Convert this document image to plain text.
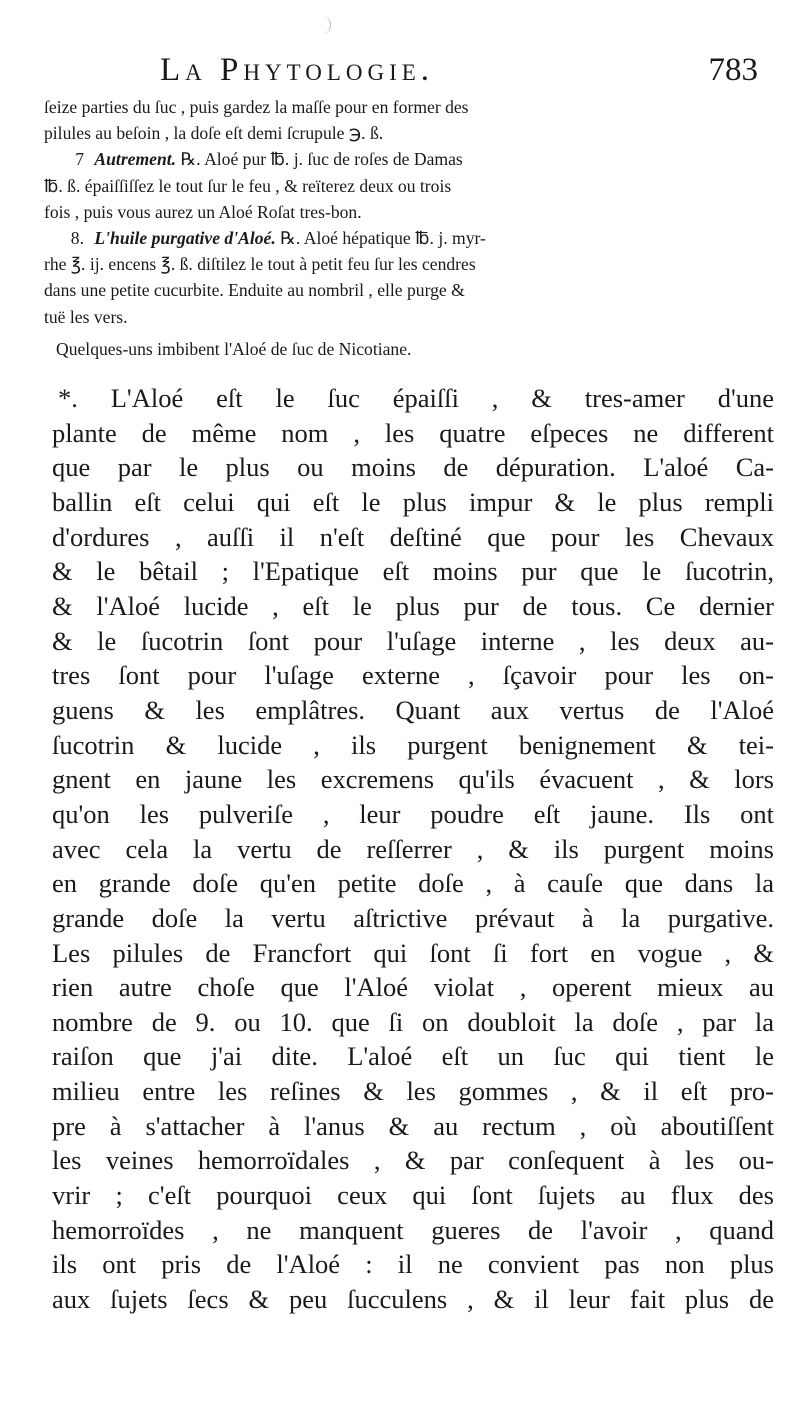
La Phytologie.	783
ſeize parties du ſuc , puis gardez la maſſe pour en former des
pilules au beſoin , la doſe eſt demi ſcrupule ℈. ß.
7 Autrement. ℞. Aloé pur ℔. j. ſuc de roſes de Damas
℔. ß. épaiſſiſſez le tout ſur le feu , & reïterez deux ou trois
fois , puis vous aurez un Aloé Roſat tres-bon.
8. L'huile purgative d'Aloé. ℞. Aloé hépatique ℔. j. myr-
rhe ℥. ij. encens ℥. ß. diſtilez le tout à petit feu ſur les cendres
dans une petite cucurbite. Enduite au nombril , elle purge &
tuë les vers.
Quelques-uns imbibent l'Aloé de ſuc de Nicotiane.
*. L'Aloé eſt le ſuc épaiſſi , & tres-amer d'une
plante de même nom , les quatre eſpeces ne different
que par le plus ou moins de dépuration. L'aloé Ca-
ballin eſt celui qui eſt le plus impur & le plus rempli
d'ordures , auſſi il n'eſt deſtiné que pour les Chevaux
& le bêtail ; l'Epatique eſt moins pur que le ſucotrin,
& l'Aloé lucide , eſt le plus pur de tous. Ce dernier
& le ſucotrin ſont pour l'uſage interne , les deux au-
tres ſont pour l'uſage externe , ſçavoir pour les on-
guens & les emplâtres. Quant aux vertus de l'Aloé
ſucotrin & lucide , ils purgent benignement & tei-
gnent en jaune les excremens qu'ils évacuent , & lors
qu'on les pulveriſe , leur poudre eſt jaune. Ils ont
avec cela la vertu de reſſerrer , & ils purgent moins
en grande doſe qu'en petite doſe , à cauſe que dans la
grande doſe la vertu aſtrictive prévaut à la purgative.
Les pilules de Francfort qui ſont ſi fort en vogue , &
rien autre choſe que l'Aloé violat , operent mieux au
nombre de 9. ou 10. que ſi on doubloit la doſe , par la
raiſon que j'ai dite. L'aloé eſt un ſuc qui tient le
milieu entre les reſines & les gommes , & il eſt pro-
pre à s'attacher à l'anus & au rectum , où aboutiſſent
les veines hemorroïdales , & par conſequent à les ou-
vrir ; c'eſt pourquoi ceux qui ſont ſujets au flux des
hemorroïdes , ne manquent gueres de l'avoir , quand
ils ont pris de l'Aloé : il ne convient pas non plus
aux ſujets ſecs & peu ſucculens , & il leur fait plus de
